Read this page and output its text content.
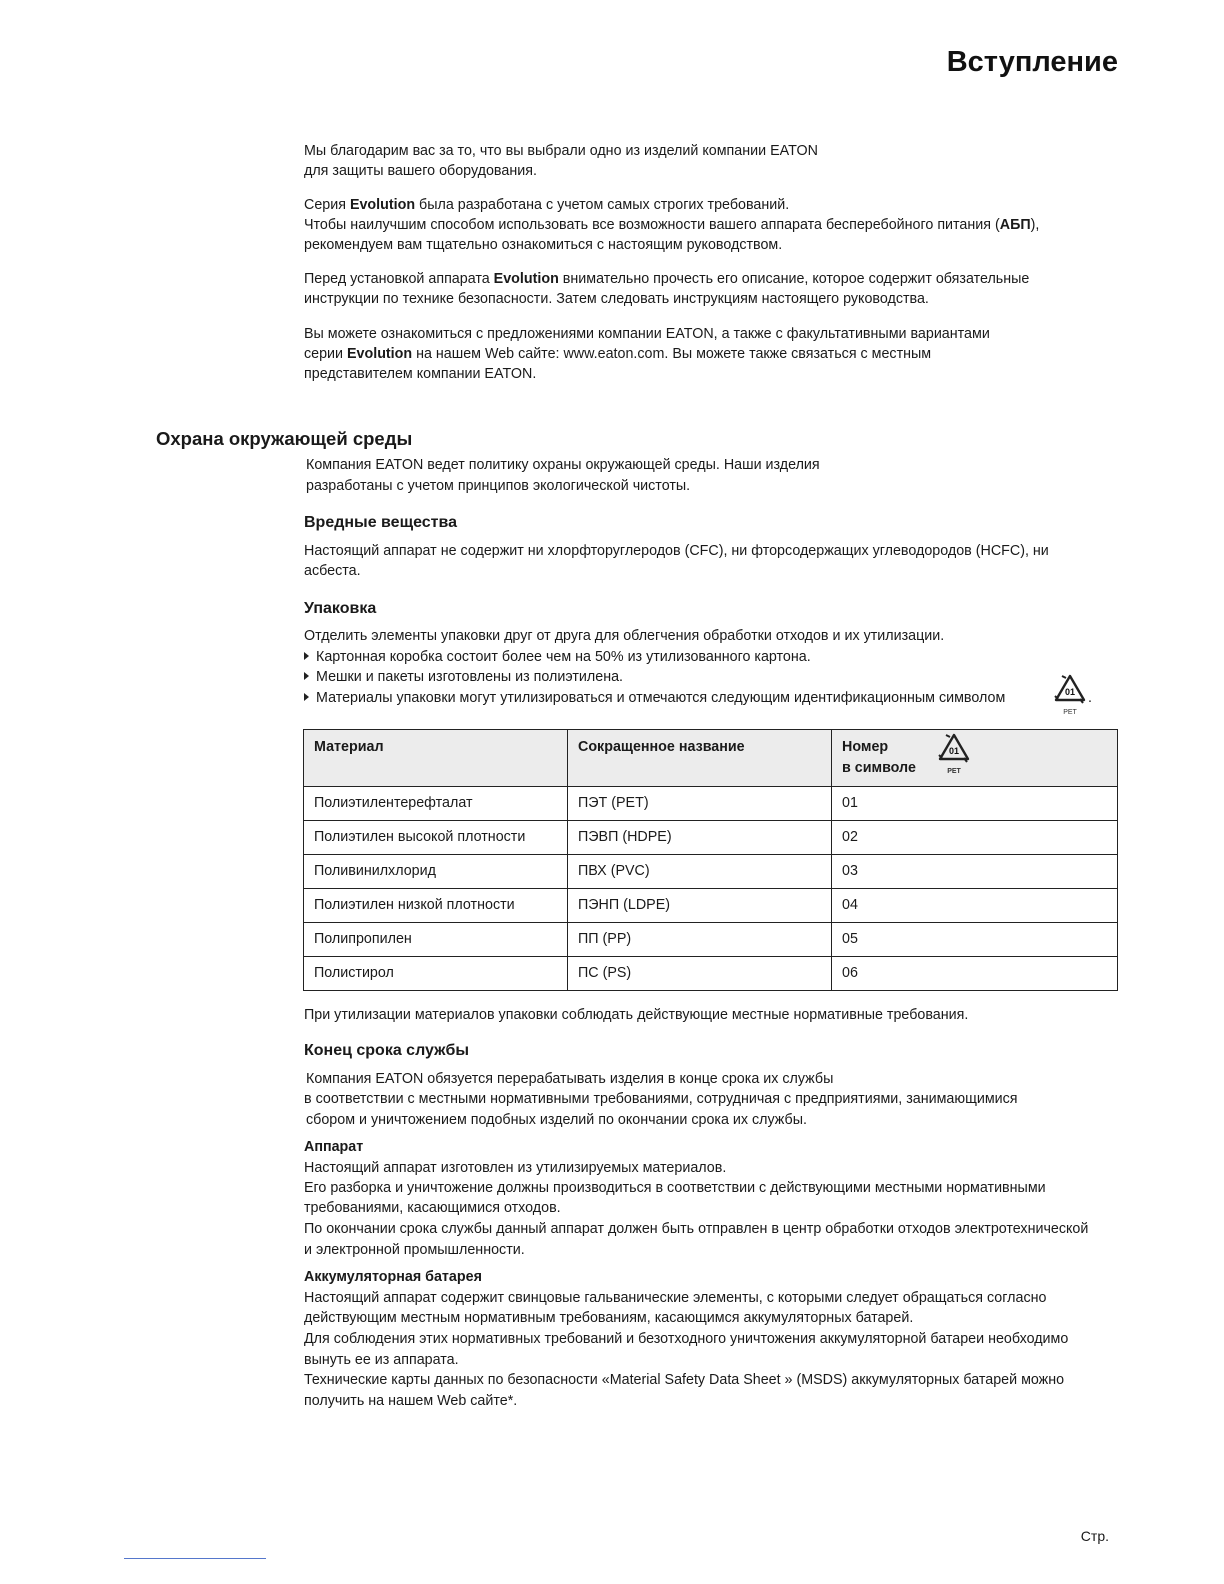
Вступление
Мы благодарим вас за то, что вы выбрали одно из изделий компании EATON
для защиты вашего оборудования.
Серия Evolution была разработана с учетом самых строгих требований.
Чтобы наилучшим способом использовать все возможности вашего аппарата бесперебойного питания (АБП),
рекомендуем вам тщательно ознакомиться с настоящим руководством.
Перед установкой аппарата Evolution внимательно прочесть его описание, которое содержит обязательные
инструкции по технике безопасности. Затем следовать инструкциям настоящего руководства.
Вы можете ознакомиться с предложениями компании EATON, а также с факультативными вариантами
серии Evolution на нашем Web сайте: www.eaton.com. Вы можете также связаться с местным
представителем компании EATON.
Охрана окружающей среды
Компания EATON ведет политику охраны окружающей среды. Наши изделия
разработаны с учетом принципов экологической чистоты.
Вредные вещества
Настоящий аппарат не содержит ни хлорфторуглеродов (CFC), ни фторсодержащих углеводородов (HCFC), ни
асбеста.
Упаковка
Отделить элементы упаковки друг от друга для облегчения обработки отходов и их утилизации.
Картонная коробка состоит более чем на 50% из утилизованного картона.
Мешки и пакеты изготовлены из полиэтилена.
Материалы упаковки могут утилизироваться и отмечаются следующим идентификационным символом	01
PET
.
Материал	Сокращенное название	Номер
в символе
01
PET

Полиэтилентерефталат	ПЭТ (PET)	01
Полиэтилен высокой плотности	ПЭВП (HDPE)	02
Поливинилхлорид	ПВХ (PVC)	03
Полиэтилен низкой плотности	ПЭНП (LDPE)	04
Полипропилен	ПП (PP)	05
Полистирол	ПС (PS)	06
При утилизации материалов упаковки соблюдать действующие местные нормативные требования.
Конец срока службы
Компания EATON обязуется перерабатывать изделия в конце срока их службы
в соответствии с местными нормативными требованиями, сотрудничая с предприятиями, занимающимися
сбором и уничтожением подобных изделий по окончании срока их службы.
Аппарат
Настоящий аппарат изготовлен из утилизируемых материалов.
Его разборка и уничтожение должны производиться в соответствии с действующими местными нормативными
требованиями, касающимися отходов.
По окончании срока службы данный аппарат должен быть отправлен в центр обработки отходов электротехнической
и электронной промышленности.
Аккумуляторная батарея
Настоящий аппарат содержит свинцовые гальванические элементы, с которыми следует обращаться согласно
действующим местным нормативным требованиям, касающимся аккумуляторных батарей.
Для соблюдения этих нормативных требований и безотходного уничтожения аккумуляторной батареи необходимо
вынуть ее из аппарата.
Технические карты данных по безопасности «Material Safety Data Sheet » (MSDS) аккумуляторных батарей можно
получить на нашем Web сайте*.
Стр.
